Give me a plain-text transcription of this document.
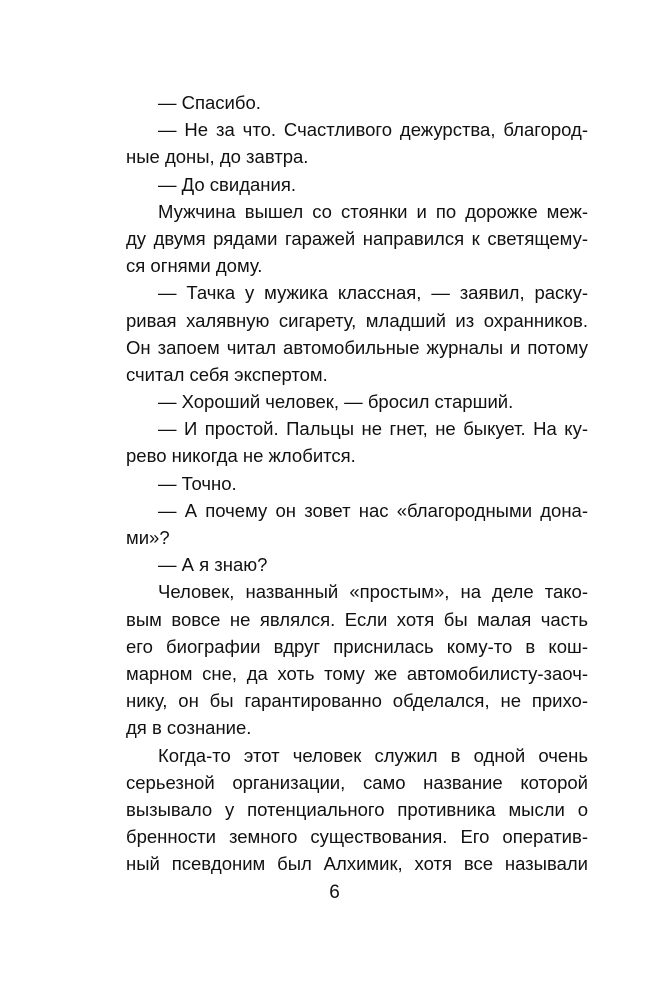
— Спасибо.
— Не за что. Счастливого дежурства, благород-
ные доны, до завтра.
— До свидания.
Мужчина вышел со стоянки и по дорожке меж-
ду двумя рядами гаражей направился к светящему-
ся огнями дому.
— Тачка у мужика классная, — заявил, раску-
ривая халявную сигарету, младший из охранников.
Он запоем читал автомобильные журналы и потому
считал себя экспертом.
— Хороший человек, — бросил старший.
— И простой. Пальцы не гнет, не быкует. На ку-
рево никогда не жлобится.
— Точно.
— А почему он зовет нас «благородными дона-
ми»?
— А я знаю?
Человек, названный «простым», на деле тако-
вым вовсе не являлся. Если хотя бы малая часть
его биографии вдруг приснилась кому-то в кош-
марном сне, да хоть тому же автомобилисту-заоч-
нику, он бы гарантированно обделался, не прихо-
дя в сознание.
Когда-то этот человек служил в одной очень
серьезной организации, само название которой
вызывало у потенциального противника мысли о
бренности земного существования. Его оператив-
ный псевдоним был Алхимик, хотя все называли
6
